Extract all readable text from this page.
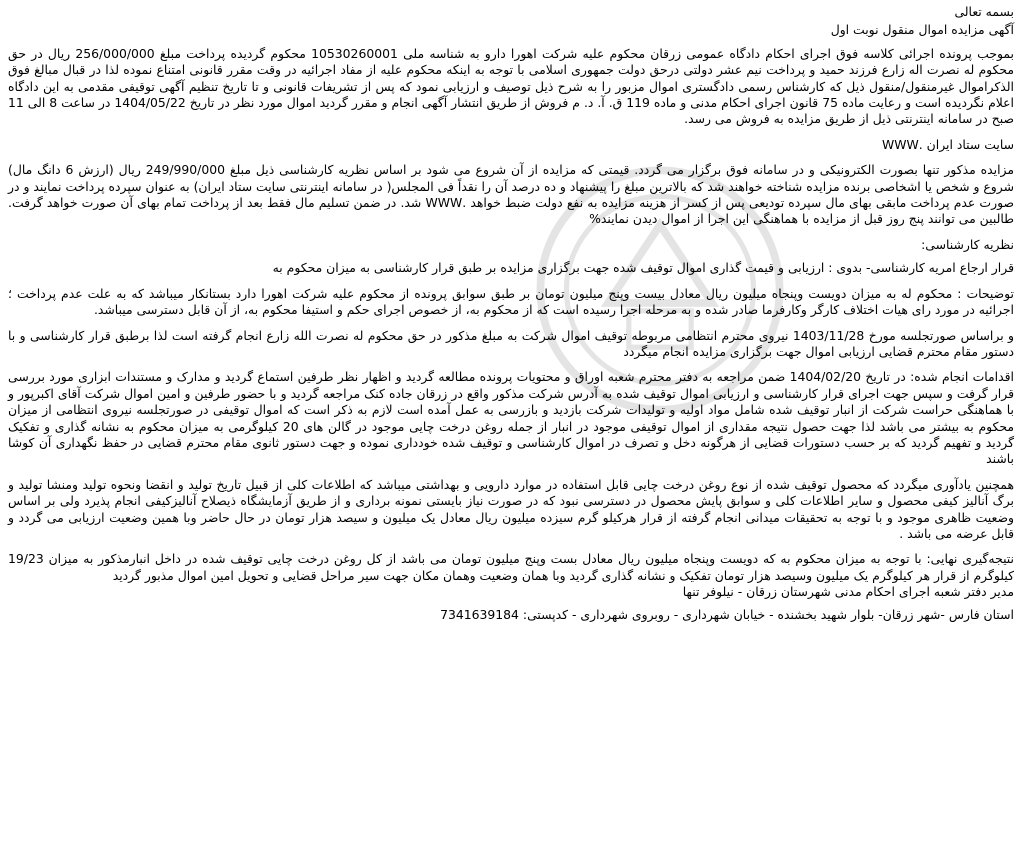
بسمه تعالی

آگهی مزایده اموال منقول نوبت اول

بموجب پرونده اجرائی کلاسه فوق اجرای احکام دادگاه عمومی زرقان محکوم علیه شرکت اهورا دارو به شناسه ملی 10530260001 محکوم گردیده پرداخت مبلغ 256/000/000 ریال در حق محکوم له نصرت اله زارع فرزند حمید و پرداخت نیم عشر دولتی درحق دولت جمهوری اسلامی با توجه به اینکه محکوم علیه از مفاد اجرائیه در وقت مقرر قانونی امتناع نموده لذا در قبال مبالغ فوق الذکراموال غیرمنقول/منقول ذیل که کارشناس رسمی دادگستری اموال مزبور را به شرح ذیل توصیف و ارزیابی نمود که پس از تشریفات قانونی و تا تاریخ تنظیم آگهی توقیفی مقدمی به این دادگاه اعلام نگردیده است و رعایت ماده 75 قانون اجرای احکام مدنی و ماده 119 ق. آ. د. م فروش از طریق انتشار آگهی انجام و مقرر گردید اموال مورد نظر در تاریخ 1404/05/22 در ساعت 8 الی 11 صبح در سامانه اینترنتی ذیل از طریق مزایده به فروش می رسد.

سایت ستاد ایران .WWW

مزایده مذکور تنها بصورت الکترونیکی و در سامانه فوق برگزار می گردد. قیمتی که مزایده از آن شروع می شود بر اساس نظریه کارشناسی ذیل مبلغ 249/990/000 ریال (ارزش 6 دانگ مال) شروع و شخص یا اشخاصی برنده مزایده شناخته خواهند شد که بالاترین مبلغ را پیشنهاد و ده درصد آن را نقداً فی المجلس( در سامانه اینترنتی سایت ستاد ایران) به عنوان سپرده پرداخت نمایند و در صورت عدم پرداخت مابقی بهای مال سپرده تودیعی پس از کسر از هزینه مزایده به نفع دولت ضبط خواهد .WWW شد. در ضمن تسلیم مال فقط بعد از پرداخت تمام بهای آن صورت خواهد گرفت. طالبین می توانند پنج روز قبل از مزایده با هماهنگی این اجرا از اموال دیدن نمایند%

نظریه کارشناسی:

قرار ارجاع امریه کارشناسی- بدوی : ارزیابی و قیمت گذاری اموال توقیف شده جهت برگزاری مزایده بر طبق قرار کارشناسی به میزان محکوم به

توضیحات : محکوم له به میزان دویست وپنجاه میلیون ریال معادل بیست وپنج میلیون تومان بر طبق سوابق پرونده از محکوم علیه شرکت اهورا دارد بستانکار میباشد که به علت عدم پرداخت ؛ اجرائیه در مورد رای هیات اختلاف کارگر وکارفرما صادر شده و به مرحله اجرا رسیده است که از محکوم به، از خصوص اجرای حکم و استیفا محکوم به، از آن قابل دسترسی میباشد.

و براساس صورتجلسه مورخ 1403/11/28 نیروی محترم انتظامی مربوطه توقیف اموال شرکت به مبلغ مذکور در حق محکوم له نصرت الله زارع انجام گرفته است لذا برطبق قرار کارشناسی و با دستور مقام محترم قضایی ارزیابی اموال جهت برگزاری مزایده انجام میگردد

اقدامات انجام شده: در تاریخ 1404/02/20 ضمن مراجعه به دفتر محترم شعبه اوراق و محتویات پرونده مطالعه گردید و اظهار نظر طرفین استماع گردید و مدارک و مستندات ابزاری مورد بررسی قرار گرفت و سپس جهت اجرای قرار کارشناسی و ارزیابی اموال توقیف شده به آدرس شرکت مذکور واقع در زرقان جاده کنک مراجعه گردید و با حضور طرفین و امین اموال شرکت آقای اکبرپور و با هماهنگی حراست شرکت از انبار توقیف شده شامل مواد اولیه و تولیدات شرکت بازدید و بازرسی به عمل آمده است لازم به ذکر است که اموال توقیفی در صورتجلسه نیروی انتظامی از میزان محکوم به بیشتر می باشد لذا جهت حصول نتیجه مقداری از اموال توقیفی موجود در انبار از جمله روغن درخت چایی موجود در گالن های 20 کیلوگرمی به میزان محکوم به نشانه گذاری و تفکیک گردید و تفهیم گردید که بر حسب دستورات قضایی از هرگونه دخل و تصرف در اموال کارشناسی و توقیف شده خودداری نموده و جهت دستور ثانوی مقام محترم قضایی در حفظ نگهداری آن کوشا باشند

همچنین یادآوری میگردد که محصول توقیف شده از نوع روغن درخت چایی قابل استفاده در موارد دارویی و بهداشتی میباشد که اطلاعات کلی از قبیل تاریخ تولید و انقضا ونحوه تولید ومنشا تولید و برگ آنالیز کیفی محصول و سایر اطلاعات کلی و سوابق پایش محصول در دسترسی نبود که در صورت نیاز بایستی نمونه برداری و از طریق آزمایشگاه ذیصلاح آنالیزکیفی انجام پذیرد ولی بر اساس وضعیت ظاهری موجود و با توجه به تحقیقات میدانی انجام گرفته از قرار هرکیلو گرم سیزده میلیون ریال معادل یک میلیون و سیصد هزار تومان در حال حاضر وبا همین وضعیت ارزیابی می گردد و قابل عرضه می باشد .

نتیجه‌گیری نهایی: با توجه به میزان محکوم به که دویست وپنجاه میلیون ریال معادل بست وپنج میلیون تومان می باشد از کل روغن درخت چایی توقیف شده در داخل انبارمذکور به میزان 19/23 کیلوگرم از قرار هر کیلوگرم یک میلیون وسیصد هزار تومان تفکیک و نشانه گذاری گردید وبا همان وضعیت وهمان مکان جهت سیر مراحل قضایی و تحویل امین اموال مذبور گردید

مدیر دفتر شعبه اجرای احکام مدنی شهرستان زرقان - نیلوفر تنها

استان فارس -شهر زرقان- بلوار شهید بخشنده - خیابان شهرداری - روبروی شهرداری - کدپستی: 7341639184
